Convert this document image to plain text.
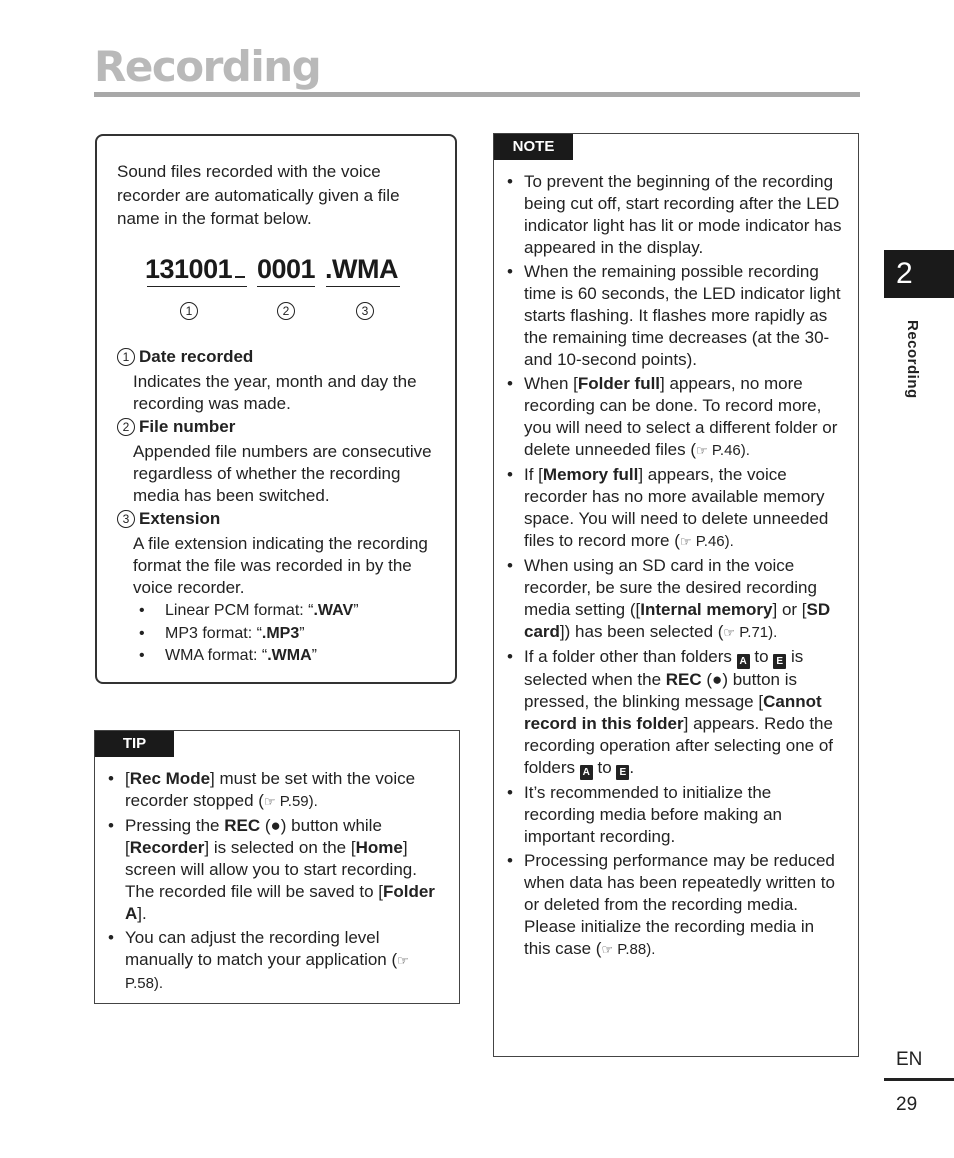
Recording
Sound files recorded with the voice recorder are automatically given a file name in the format below.
131001 0001 .WMA
1	2	3
1 Date recorded
Indicates the year, month and day the recording was made.
2 File number
Appended file numbers are consecutive regardless of whether the recording media has been switched.
3 Extension
A file extension indicating the recording format the file was recorded in by the voice recorder.
• Linear PCM format: “.WAV”
• MP3 format: “.MP3”
• WMA format: “.WMA”
TIP
• [Rec Mode] must be set with the voice recorder stopped (☞ P.59).
• Pressing the REC (●) button while [Recorder] is selected on the [Home] screen will allow you to start recording. The recorded file will be saved to [Folder A].
• You can adjust the recording level manually to match your application (☞ P.58).
NOTE
• To prevent the beginning of the recording being cut off, start recording after the LED indicator light has lit or mode indicator has appeared in the display.
• When the remaining possible recording time is 60 seconds, the LED indicator light starts flashing. It flashes more rapidly as the remaining time decreases (at the 30- and 10-second points).
• When [Folder full] appears, no more recording can be done. To record more, you will need to select a different folder or delete unneeded files (☞ P.46).
• If [Memory full] appears, the voice recorder has no more available memory space. You will need to delete unneeded files to record more (☞ P.46).
• When using an SD card in the voice recorder, be sure the desired recording media setting ([Internal memory] or [SD card]) has been selected (☞ P.71).
• If a folder other than folders A to E is selected when the REC (●) button is pressed, the blinking message [Cannot record in this folder] appears. Redo the recording operation after selecting one of folders A to E .
• It’s recommended to initialize the recording media before making an important recording.
• Processing performance may be reduced when data has been repeatedly written to or deleted from the recording media. Please initialize the recording media in this case (☞ P.88).
2
Recording
EN
29
